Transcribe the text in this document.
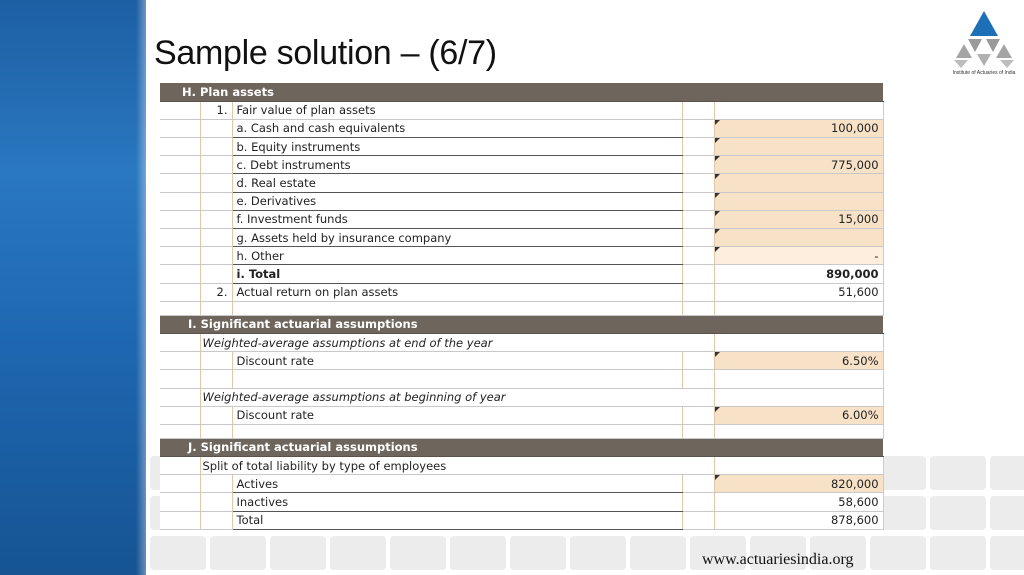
Sample solution – (6/7)
Institute of Actuaries of India
H. Plan assets				
	1.	Fair value of plan assets		
		a. Cash and cash equivalents		100,000
		b. Equity instruments		
		c. Debt instruments		775,000
		d. Real estate		
		e. Derivatives		
		f. Investment funds		15,000
		g. Assets held by insurance company		
		h. Other		-
		i. Total		890,000
	2.	Actual return on plan assets		51,600

I. Significant actuarial assumptions				
	Weighted-average assumptions at end of the year			
		Discount rate		6.50%

	Weighted-average assumptions at beginning of year			
		Discount rate		6.00%

J. Significant actuarial assumptions				
	Split of total liability by type of employees			
		Actives		820,000
		Inactives		58,600
		Total		878,600
www.actuariesindia.org
